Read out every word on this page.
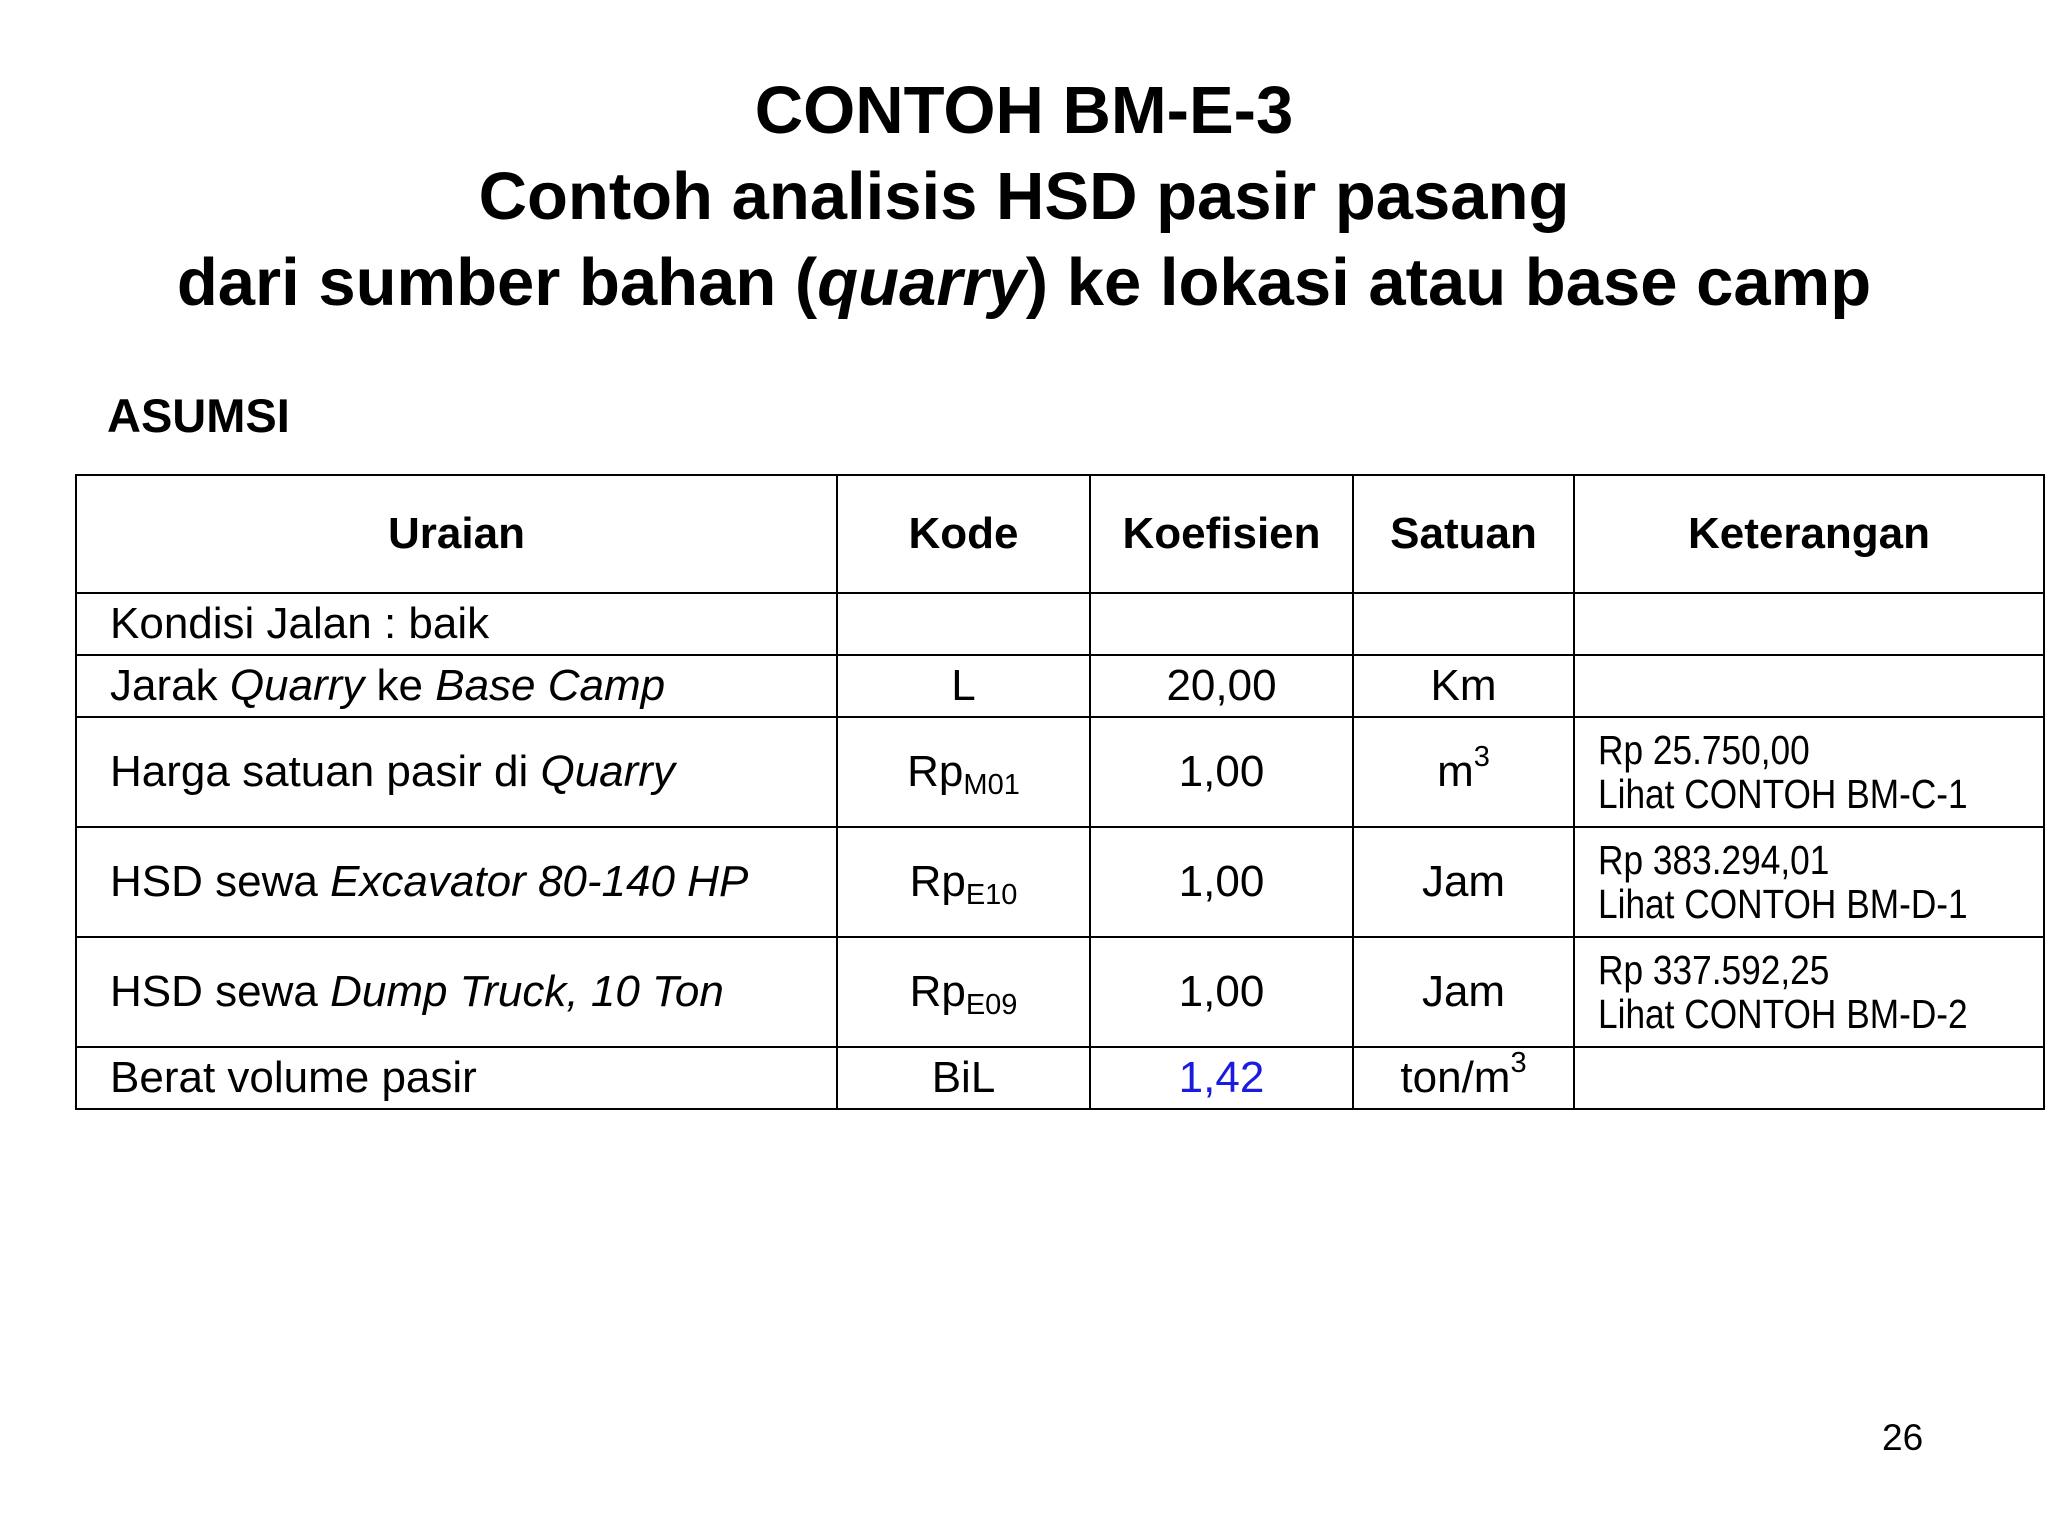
CONTOH BM-E-3
Contoh analisis HSD pasir pasang
dari sumber bahan (quarry) ke lokasi atau base camp
ASUMSI
Uraian	Kode	Koefisien	Satuan	Keterangan
Kondisi Jalan : baik				
Jarak Quarry ke Base Camp	L	20,00	Km	
Harga satuan pasir di Quarry	$Rp_{M01}$	1,00	$m^3$	Rp 25.750,00
Lihat CONTOH BM-C-1

HSD sewa Excavator 80-140 HP	$Rp_{E10}$	1,00	Jam	Rp 383.294,01
Lihat CONTOH BM-D-1

HSD sewa Dump Truck, 10 Ton	$Rp_{E09}$	1,00	Jam	Rp 337.592,25
Lihat CONTOH BM-D-2

Berat volume pasir	BiL	1,42	ton/$m^3$	
26
